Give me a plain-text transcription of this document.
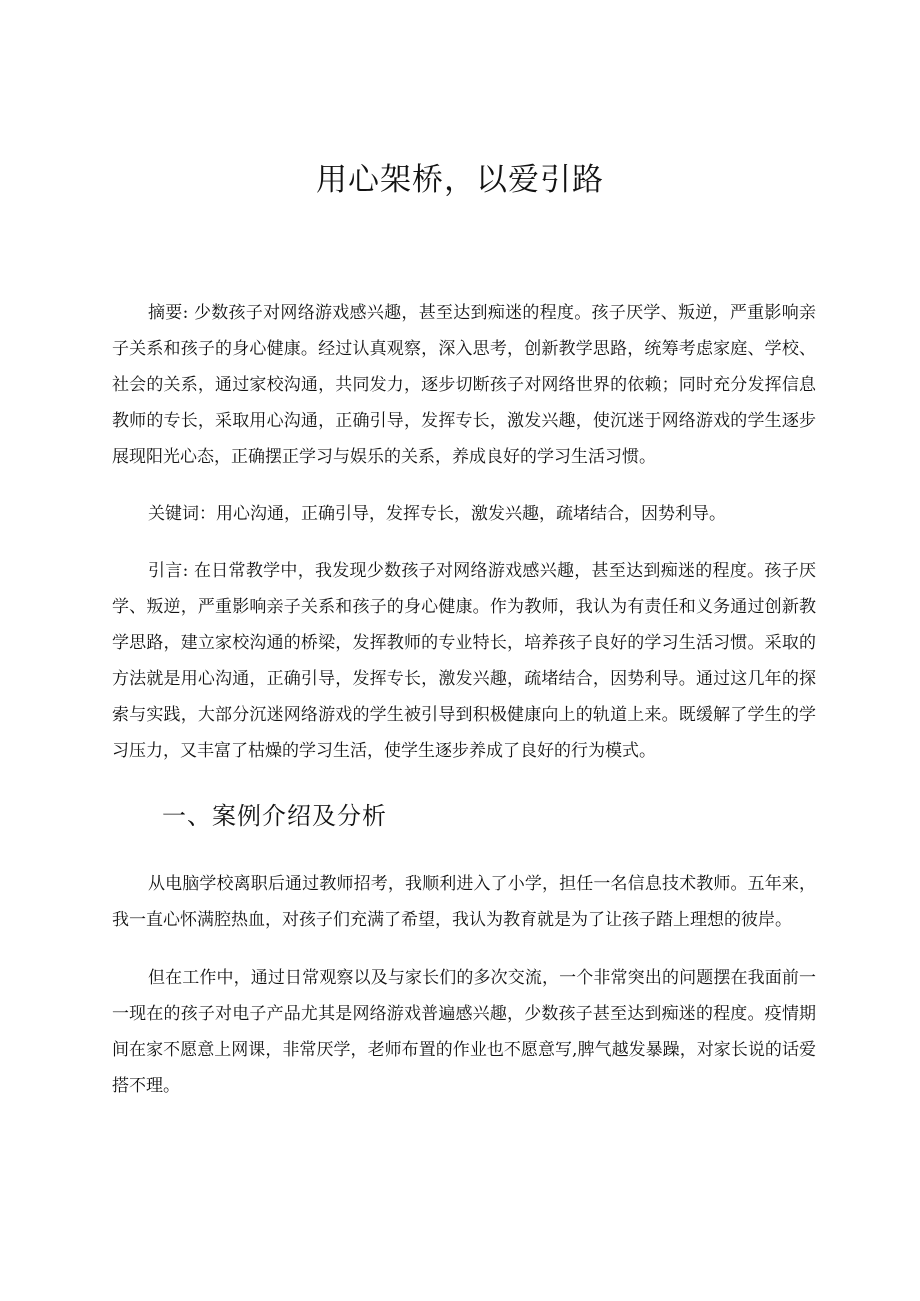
用心架桥，以爱引路

摘要: 少数孩子对网络游戏感兴趣，甚至达到痴迷的程度。孩子厌学、叛逆，严重影响亲子关系和孩子的身心健康。经过认真观察，深入思考，创新教学思路，统筹考虑家庭、学校、社会的关系，通过家校沟通，共同发力，逐步切断孩子对网络世界的依赖；同时充分发挥信息教师的专长，采取用心沟通，正确引导，发挥专长，激发兴趣，使沉迷于网络游戏的学生逐步展现阳光心态，正确摆正学习与娱乐的关系，养成良好的学习生活习惯。

关键词：用心沟通，正确引导，发挥专长，激发兴趣，疏堵结合，因势利导。

引言: 在日常教学中，我发现少数孩子对网络游戏感兴趣，甚至达到痴迷的程度。孩子厌学、叛逆，严重影响亲子关系和孩子的身心健康。作为教师，我认为有责任和义务通过创新教学思路，建立家校沟通的桥梁，发挥教师的专业特长，培养孩子良好的学习生活习惯。采取的方法就是用心沟通，正确引导，发挥专长，激发兴趣，疏堵结合，因势利导。通过这几年的探索与实践，大部分沉迷网络游戏的学生被引导到积极健康向上的轨道上来。既缓解了学生的学习压力，又丰富了枯燥的学习生活，使学生逐步养成了良好的行为模式。

一、案例介绍及分析

从电脑学校离职后通过教师招考，我顺利进入了小学，担任一名信息技术教师。五年来，我一直心怀满腔热血，对孩子们充满了希望，我认为教育就是为了让孩子踏上理想的彼岸。

但在工作中，通过日常观察以及与家长们的多次交流，一个非常突出的问题摆在我面前一一现在的孩子对电子产品尤其是网络游戏普遍感兴趣，少数孩子甚至达到痴迷的程度。疫情期间在家不愿意上网课，非常厌学，老师布置的作业也不愿意写,脾气越发暴躁，对家长说的话爱搭不理。
